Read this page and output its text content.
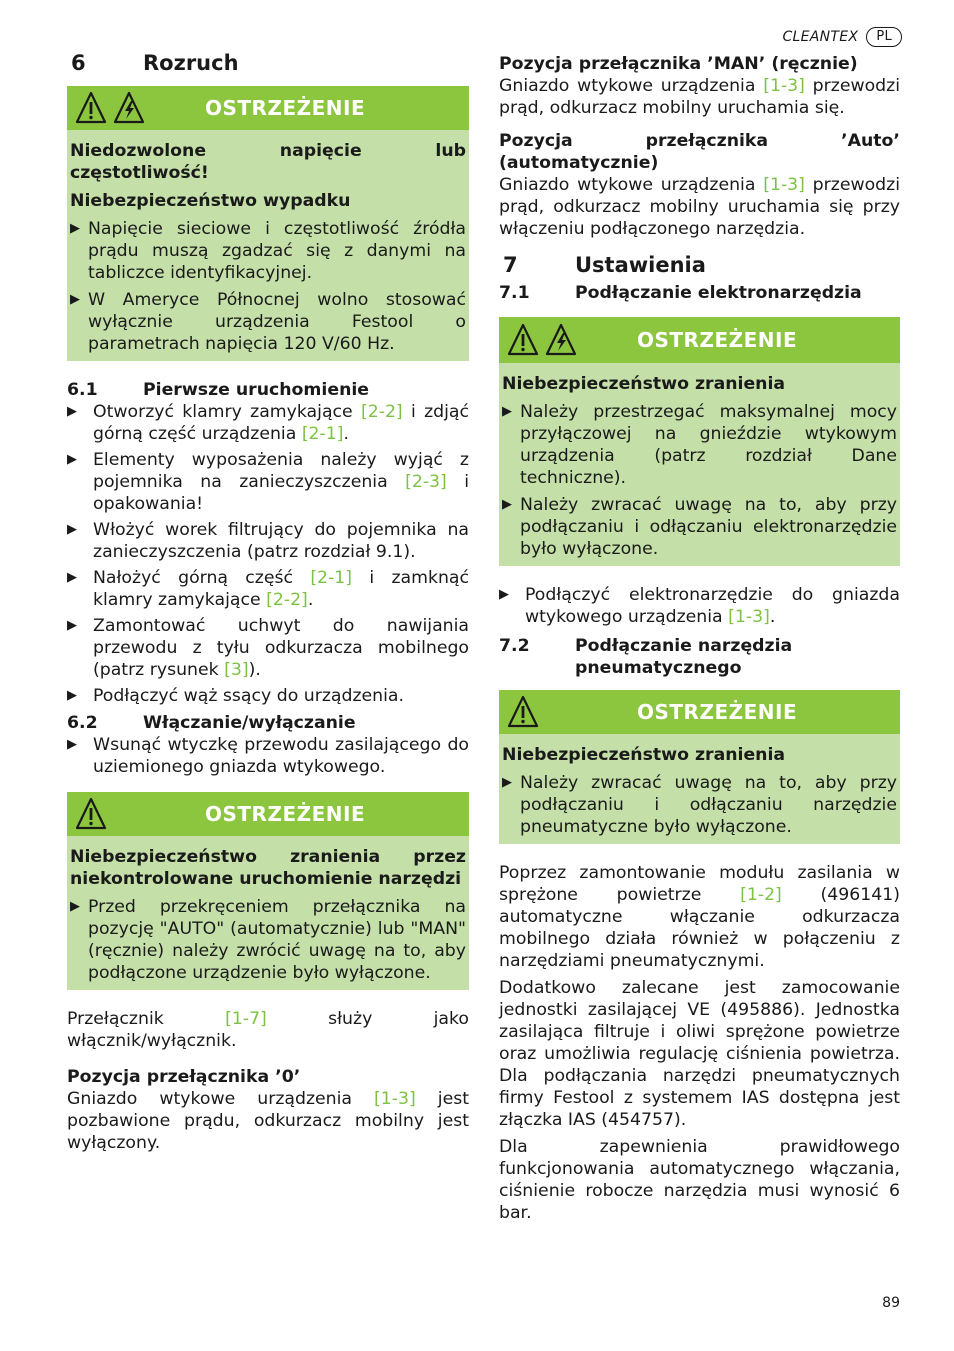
CLEANTEX	PL
6	Rozruch
OSTRZEŻENIE
Niedozwolone napięcie lub częstotliwość!
Niebezpieczeństwo wypadku
▶ Napięcie sieciowe i częstotliwość źródła prądu muszą zgadzać się z danymi na tabliczce identyfikacyjnej.
▶ W Ameryce Północnej wolno stosować wyłącznie urządzenia Festool o parametrach napięcia 120 V/60 Hz.
6.1	Pierwsze uruchomienie
▶ Otworzyć klamry zamykające [2-2] i zdjąć górną część urządzenia [2-1].
▶ Elementy wyposażenia należy wyjąć z pojemnika na zanieczyszczenia [2-3] i opakowania!
▶ Włożyć worek filtrujący do pojemnika na zanieczyszczenia (patrz rozdział 9.1).
▶ Nałożyć górną część [2-1] i zamknąć klamry zamykające [2-2].
▶ Zamontować uchwyt do nawijania przewodu z tyłu odkurzacza mobilnego (patrz rysunek [3]).
▶ Podłączyć wąż ssący do urządzenia.
6.2	Włączanie/wyłączanie
▶ Wsunąć wtyczkę przewodu zasilającego do uziemionego gniazda wtykowego.
OSTRZEŻENIE
Niebezpieczeństwo zranienia przez niekontrolowane uruchomienie narzędzi
▶ Przed przekręceniem przełącznika na pozycję "AUTO" (automatycznie) lub "MAN" (ręcznie) należy zwrócić uwagę na to, aby podłączone urządzenie było wyłączone.

Przełącznik [1-7] służy jako włącznik/wyłącznik.

Pozycja przełącznika ’0’

Gniazdo wtykowe urządzenia [1-3] jest pozbawione prądu, odkurzacz mobilny jest wyłączony.

Pozycja przełącznika ’MAN’ (ręcznie)

Gniazdo wtykowe urządzenia [1-3] przewodzi prąd, odkurzacz mobilny uruchamia się.

Pozycja przełącznika ’Auto’ (automatycznie)

Gniazdo wtykowe urządzenia [1-3] przewodzi prąd, odkurzacz mobilny uruchamia się przy włączeniu podłączonego narzędzia.

7	Ustawienia
7.1	Podłączanie elektronarzędzia
OSTRZEŻENIE
Niebezpieczeństwo zranienia
▶ Należy przestrzegać maksymalnej mocy przyłączowej na gnieździe wtykowym urządzenia (patrz rozdział Dane techniczne).
▶ Należy zwracać uwagę na to, aby przy podłączaniu i odłączaniu elektronarzędzie było wyłączone.
▶ Podłączyć elektronarzędzie do gniazda wtykowego urządzenia [1-3].
7.2	Podłączanie narzędzia pneumatycznego
OSTRZEŻENIE
Niebezpieczeństwo zranienia
▶ Należy zwracać uwagę na to, aby przy podłączaniu i odłączaniu narzędzie pneumatyczne było wyłączone.

Poprzez zamontowanie modułu zasilania w sprężone powietrze [1-2] (496141) automatyczne włączanie odkurzacza mobilnego działa również w połączeniu z narzędziami pneumatycznymi.

Dodatkowo zalecane jest zamocowanie jednostki zasilającej VE (495886). Jednostka zasilająca filtruje i oliwi sprężone powietrze oraz umożliwia regulację ciśnienia powietrza. Dla podłączania narzędzi pneumatycznych firmy Festool z systemem IAS dostępna jest złączka IAS (454757).

Dla zapewnienia prawidłowego funkcjonowania automatycznego włączania, ciśnienie robocze narzędzia musi wynosić 6 bar.

89
